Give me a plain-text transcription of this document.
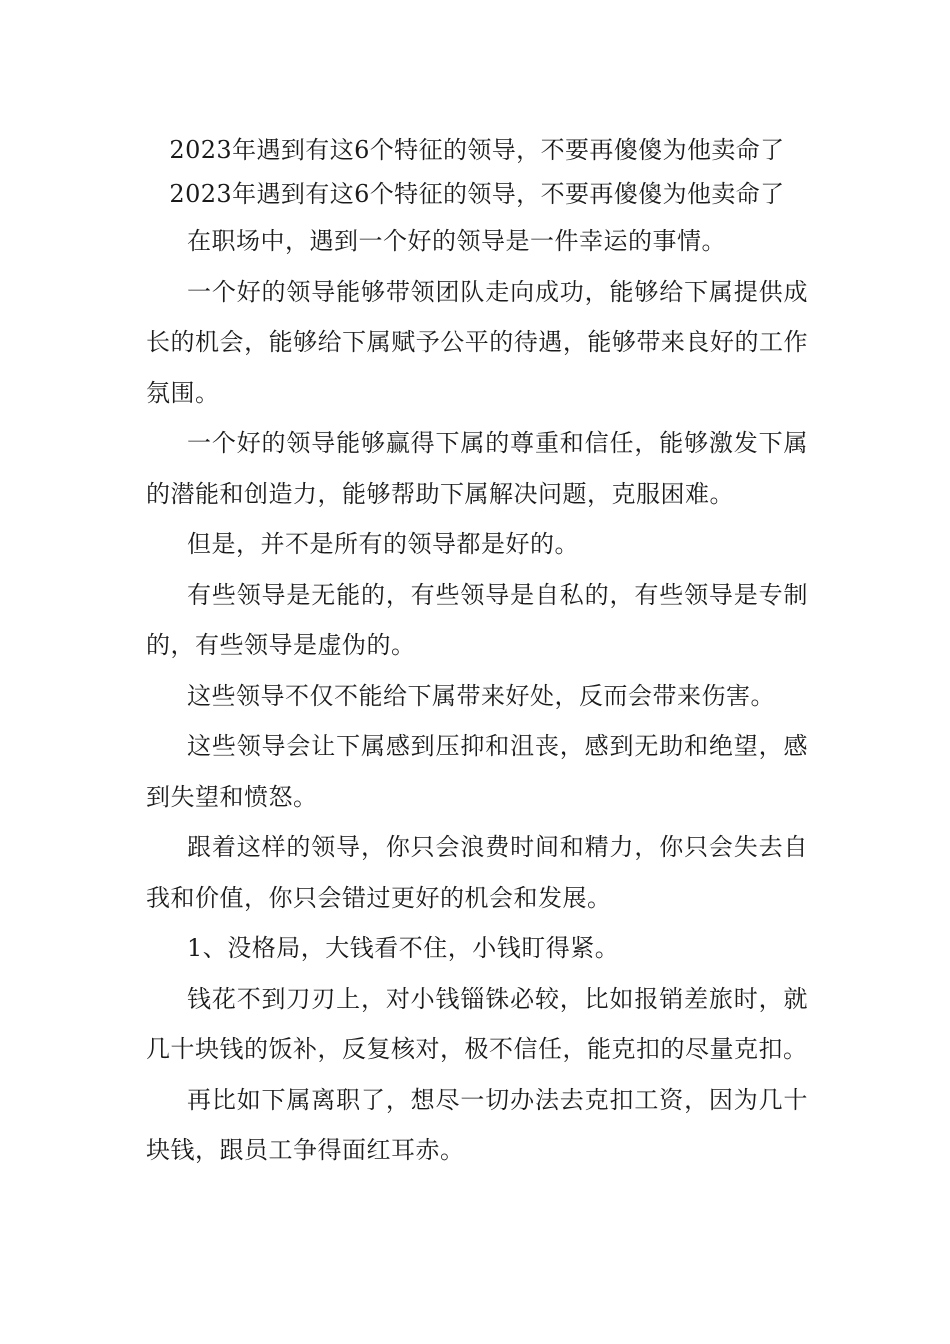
2023年遇到有这6个特征的领导，不要再傻傻为他卖命了
2023年遇到有这6个特征的领导，不要再傻傻为他卖命了

在职场中，遇到一个好的领导是一件幸运的事情。

一个好的领导能够带领团队走向成功，能够给下属提供成长的机会，能够给下属赋予公平的待遇，能够带来良好的工作氛围。

一个好的领导能够赢得下属的尊重和信任，能够激发下属的潜能和创造力，能够帮助下属解决问题，克服困难。

但是，并不是所有的领导都是好的。

有些领导是无能的，有些领导是自私的，有些领导是专制的，有些领导是虚伪的。

这些领导不仅不能给下属带来好处，反而会带来伤害。

这些领导会让下属感到压抑和沮丧，感到无助和绝望，感到失望和愤怒。

跟着这样的领导，你只会浪费时间和精力，你只会失去自我和价值，你只会错过更好的机会和发展。

1、没格局，大钱看不住，小钱盯得紧。

钱花不到刀刃上，对小钱锱铢必较，比如报销差旅时，就几十块钱的饭补，反复核对，极不信任，能克扣的尽量克扣。

再比如下属离职了，想尽一切办法去克扣工资，因为几十块钱，跟员工争得面红耳赤。
